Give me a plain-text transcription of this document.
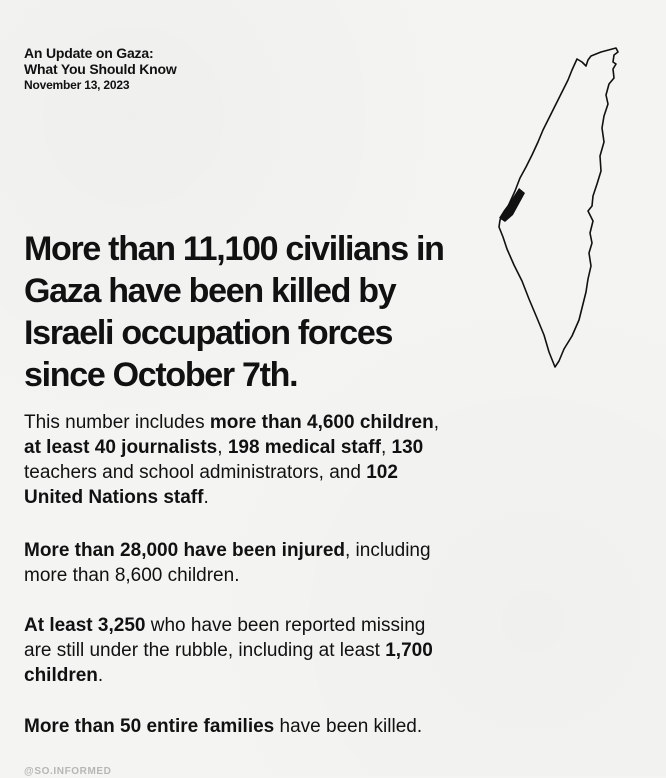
An Update on Gaza:
What You Should Know
November 13, 2023
More than 11,100 civilians in
Gaza have been killed by
Israeli occupation forces
since October 7th.

This number includes more than 4,600 children,
at least 40 journalists, 198 medical staff, 130
teachers and school administrators, and 102
United Nations staff.

More than 28,000 have been injured, including
more than 8,600 children.

At least 3,250 who have been reported missing
are still under the rubble, including at least 1,700
children.

More than 50 entire families have been killed.

@SO.INFORMED
